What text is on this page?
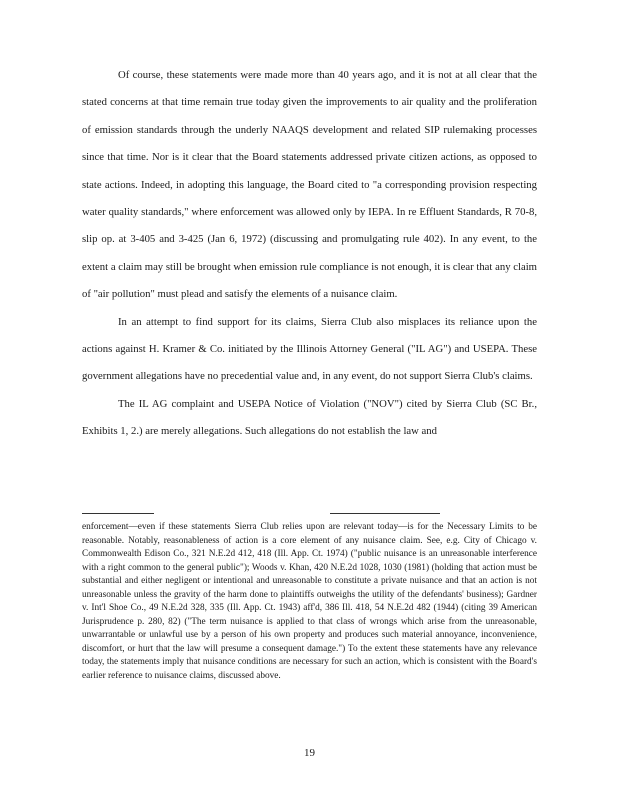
Of course, these statements were made more than 40 years ago, and it is not at all clear that the stated concerns at that time remain true today given the improvements to air quality and the proliferation of emission standards through the underly NAAQS development and related SIP rulemaking processes since that time. Nor is it clear that the Board statements addressed private citizen actions, as opposed to state actions. Indeed, in adopting this language, the Board cited to "a corresponding provision respecting water quality standards," where enforcement was allowed only by IEPA. In re Effluent Standards, R 70-8, slip op. at 3-405 and 3-425 (Jan 6, 1972) (discussing and promulgating rule 402). In any event, to the extent a claim may still be brought when emission rule compliance is not enough, it is clear that any claim of "air pollution" must plead and satisfy the elements of a nuisance claim.

In an attempt to find support for its claims, Sierra Club also misplaces its reliance upon the actions against H. Kramer & Co. initiated by the Illinois Attorney General ("IL AG") and USEPA. These government allegations have no precedential value and, in any event, do not support Sierra Club's claims.

The IL AG complaint and USEPA Notice of Violation ("NOV") cited by Sierra Club (SC Br., Exhibits 1, 2.) are merely allegations. Such allegations do not establish the law and

enforcement—even if these statements Sierra Club relies upon are relevant today—is for the Necessary Limits to be reasonable. Notably, reasonableness of action is a core element of any nuisance claim. See, e.g. City of Chicago v. Commonwealth Edison Co., 321 N.E.2d 412, 418 (Ill. App. Ct. 1974) ("public nuisance is an unreasonable interference with a right common to the general public"); Woods v. Khan, 420 N.E.2d 1028, 1030 (1981) (holding that action must be substantial and either negligent or intentional and unreasonable to constitute a private nuisance and that an action is not unreasonable unless the gravity of the harm done to plaintiffs outweighs the utility of the defendants' business); Gardner v. Int'l Shoe Co., 49 N.E.2d 328, 335 (Ill. App. Ct. 1943) aff'd, 386 Ill. 418, 54 N.E.2d 482 (1944) (citing 39 American Jurisprudence p. 280, 82) ("The term nuisance is applied to that class of wrongs which arise from the unreasonable, unwarrantable or unlawful use by a person of his own property and produces such material annoyance, inconvenience, discomfort, or hurt that the law will presume a consequent damage.") To the extent these statements have any relevance today, the statements imply that nuisance conditions are necessary for such an action, which is consistent with the Board's earlier reference to nuisance claims, discussed above.

19
